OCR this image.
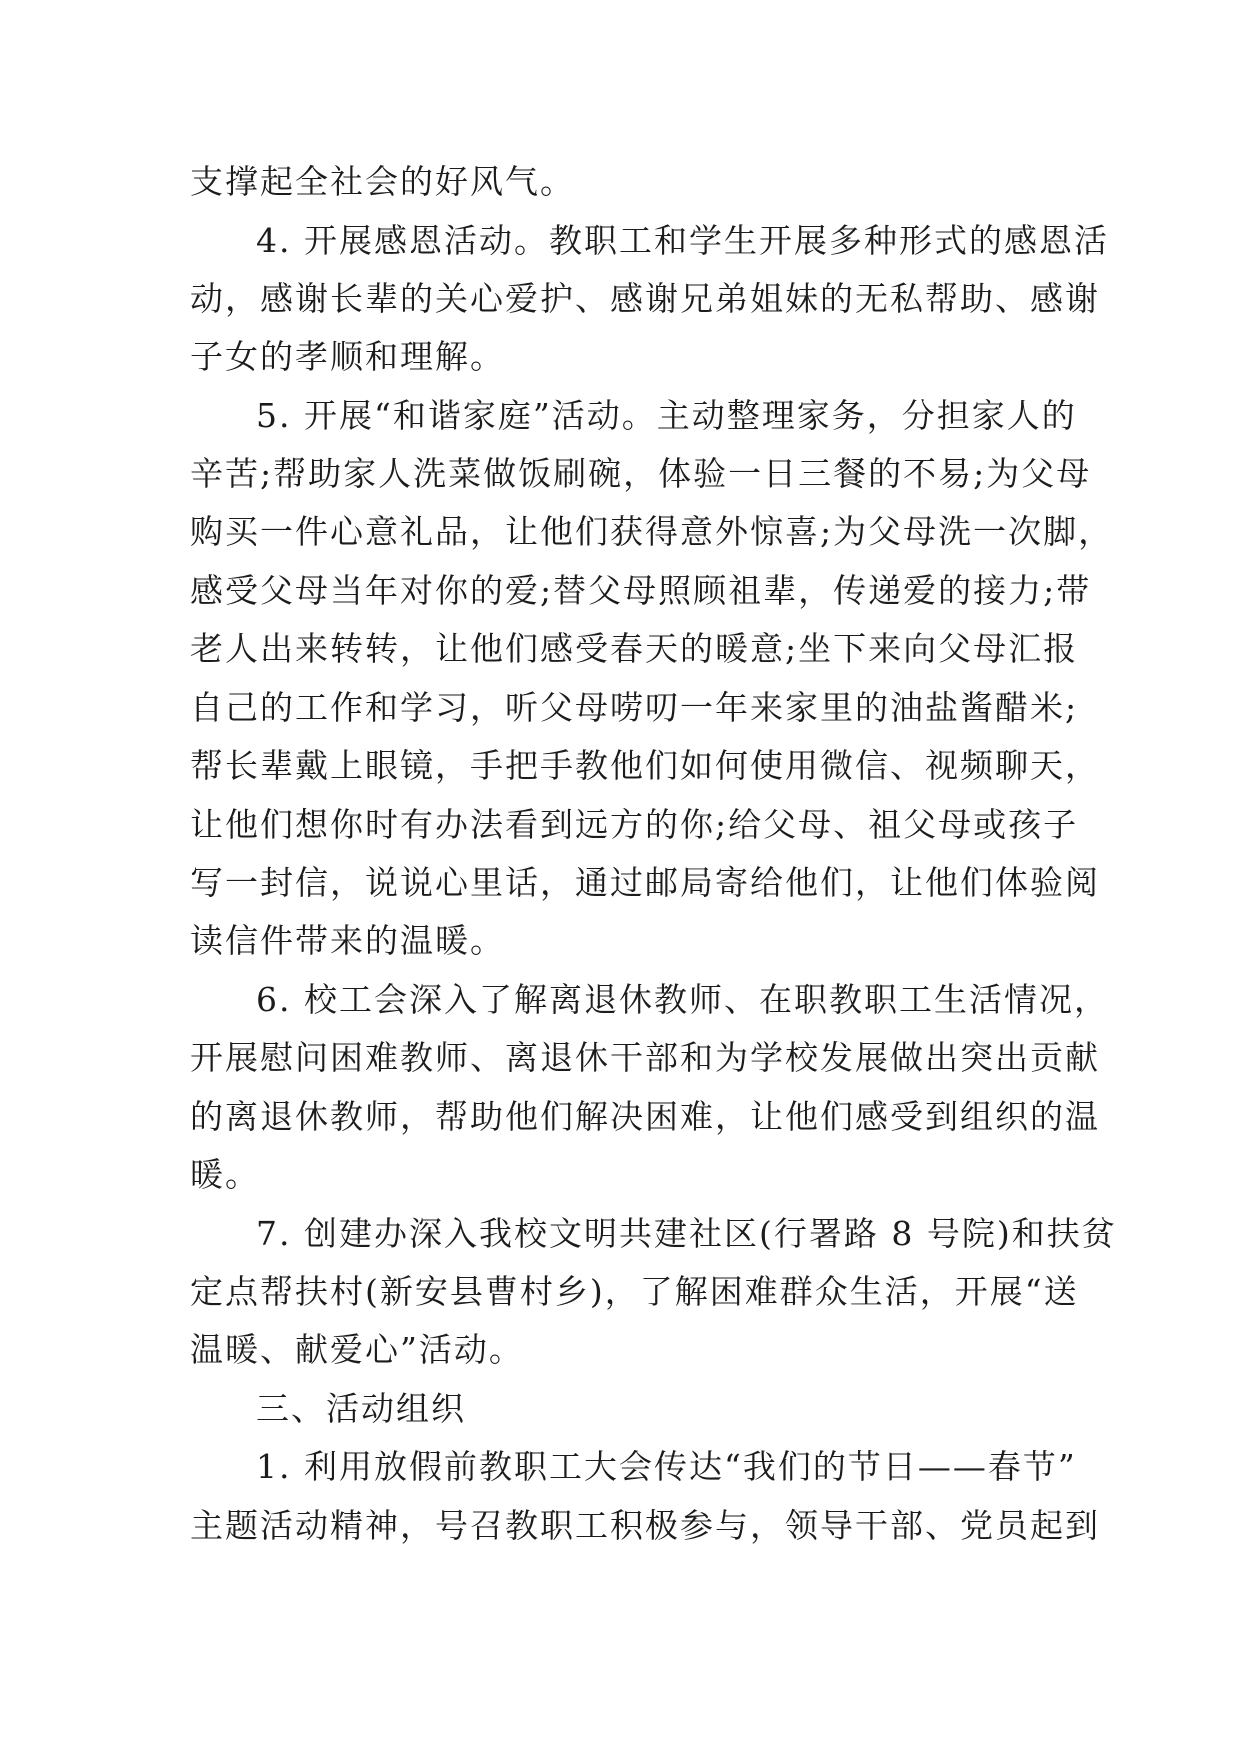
支撑起全社会的好风气。

4. 开展感恩活动。教职工和学生开展多种形式的感恩活

动，感谢长辈的关心爱护、感谢兄弟姐妹的无私帮助、感谢

子女的孝顺和理解。

5. 开展“和谐家庭”活动。主动整理家务，分担家人的

辛苦;帮助家人洗菜做饭刷碗，体验一日三餐的不易;为父母

购买一件心意礼品，让他们获得意外惊喜;为父母洗一次脚，

感受父母当年对你的爱;替父母照顾祖辈，传递爱的接力;带

老人出来转转，让他们感受春天的暖意;坐下来向父母汇报

自己的工作和学习，听父母唠叨一年来家里的油盐酱醋米;

帮长辈戴上眼镜，手把手教他们如何使用微信、视频聊天，

让他们想你时有办法看到远方的你;给父母、祖父母或孩子

写一封信，说说心里话，通过邮局寄给他们，让他们体验阅

读信件带来的温暖。

6. 校工会深入了解离退休教师、在职教职工生活情况，

开展慰问困难教师、离退休干部和为学校发展做出突出贡献

的离退休教师，帮助他们解决困难，让他们感受到组织的温

暖。

7. 创建办深入我校文明共建社区(行署路 8 号院)和扶贫

定点帮扶村(新安县曹村乡)，了解困难群众生活，开展“送

温暖、献爱心”活动。

三、活动组织

1. 利用放假前教职工大会传达“我们的节日——春节”

主题活动精神，号召教职工积极参与，领导干部、党员起到
